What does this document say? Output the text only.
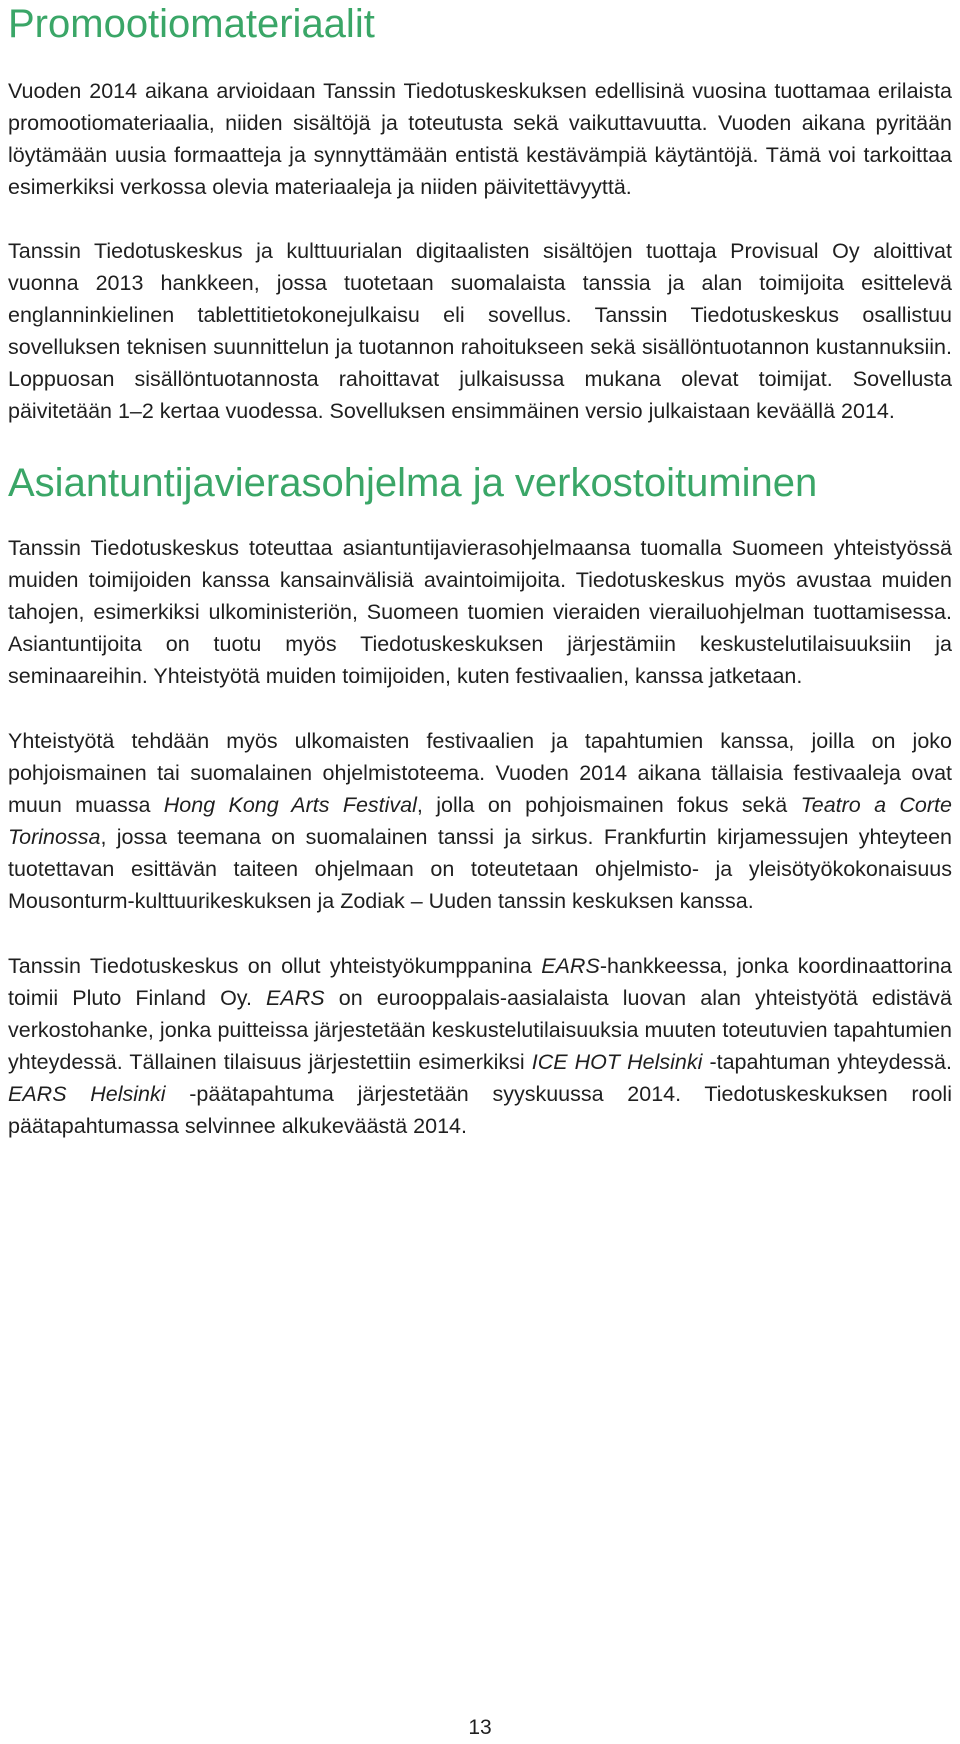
Promootiomateriaalit

Vuoden 2014 aikana arvioidaan Tanssin Tiedotuskeskuksen edellisinä vuosina tuottamaa erilaista promootiomateriaalia, niiden sisältöjä ja toteutusta sekä vaikuttavuutta. Vuoden aikana pyritään löytämään uusia formaatteja ja synnyttämään entistä kestävämpiä käytäntöjä. Tämä voi tarkoittaa esimerkiksi verkossa olevia materiaaleja ja niiden päivitettävyyttä.

Tanssin Tiedotuskeskus ja kulttuurialan digitaalisten sisältöjen tuottaja Provisual Oy aloittivat vuonna 2013 hankkeen, jossa tuotetaan suomalaista tanssia ja alan toimijoita esittelevä englanninkielinen tablettitietokonejulkaisu eli sovellus. Tanssin Tiedotuskeskus osallistuu sovelluksen teknisen suunnittelun ja tuotannon rahoitukseen sekä sisällöntuotannon kustannuksiin. Loppuosan sisällöntuotannosta rahoittavat julkaisussa mukana olevat toimijat. Sovellusta päivitetään 1–2 kertaa vuodessa. Sovelluksen ensimmäinen versio julkaistaan keväällä 2014.

Asiantuntijavierasohjelma ja verkostoituminen

Tanssin Tiedotuskeskus toteuttaa asiantuntijavierasohjelmaansa tuomalla Suomeen yhteistyössä muiden toimijoiden kanssa kansainvälisiä avaintoimijoita. Tiedotuskeskus myös avustaa muiden tahojen, esimerkiksi ulkoministeriön, Suomeen tuomien vieraiden vierailuohjelman tuottamisessa. Asiantuntijoita on tuotu myös Tiedotuskeskuksen järjestämiin keskustelutilaisuuksiin ja seminaareihin. Yhteistyötä muiden toimijoiden, kuten festivaalien, kanssa jatketaan.

Yhteistyötä tehdään myös ulkomaisten festivaalien ja tapahtumien kanssa, joilla on joko pohjoismainen tai suomalainen ohjelmistoteema. Vuoden 2014 aikana tällaisia festivaaleja ovat muun muassa Hong Kong Arts Festival, jolla on pohjoismainen fokus sekä Teatro a Corte Torinossa, jossa teemana on suomalainen tanssi ja sirkus. Frankfurtin kirjamessujen yhteyteen tuotettavan esittävän taiteen ohjelmaan on toteutetaan ohjelmisto- ja yleisötyökokonaisuus Mousonturm-kulttuurikeskuksen ja Zodiak – Uuden tanssin keskuksen kanssa.

Tanssin Tiedotuskeskus on ollut yhteistyökumppanina EARS-hankkeessa, jonka koordinaattorina toimii Pluto Finland Oy. EARS on eurooppalais-aasialaista luovan alan yhteistyötä edistävä verkostohanke, jonka puitteissa järjestetään keskustelutilaisuuksia muuten toteutuvien tapahtumien yhteydessä. Tällainen tilaisuus järjestettiin esimerkiksi ICE HOT Helsinki -tapahtuman yhteydessä. EARS Helsinki -päätapahtuma järjestetään syyskuussa 2014. Tiedotuskeskuksen rooli päätapahtumassa selvinnee alkukeväästä 2014.

13
